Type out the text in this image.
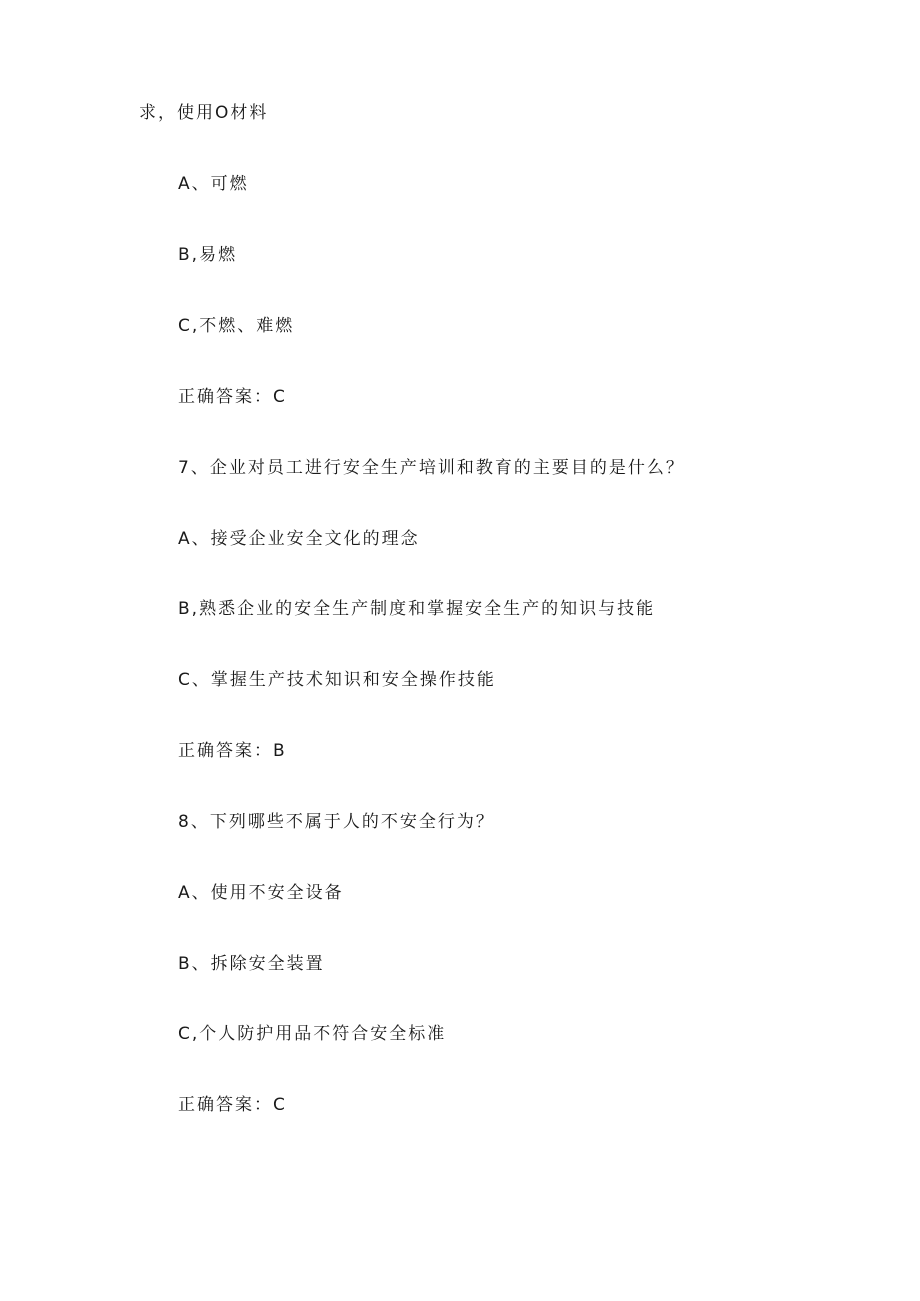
求，使用O材料
A、可燃
B,易燃
C,不燃、难燃
正确答案：C
7、企业对员工进行安全生产培训和教育的主要目的是什么？
A、接受企业安全文化的理念
B,熟悉企业的安全生产制度和掌握安全生产的知识与技能
C、掌握生产技术知识和安全操作技能
正确答案：B
8、下列哪些不属于人的不安全行为？
A、使用不安全设备
B、拆除安全装置
C,个人防护用品不符合安全标准
正确答案：C
